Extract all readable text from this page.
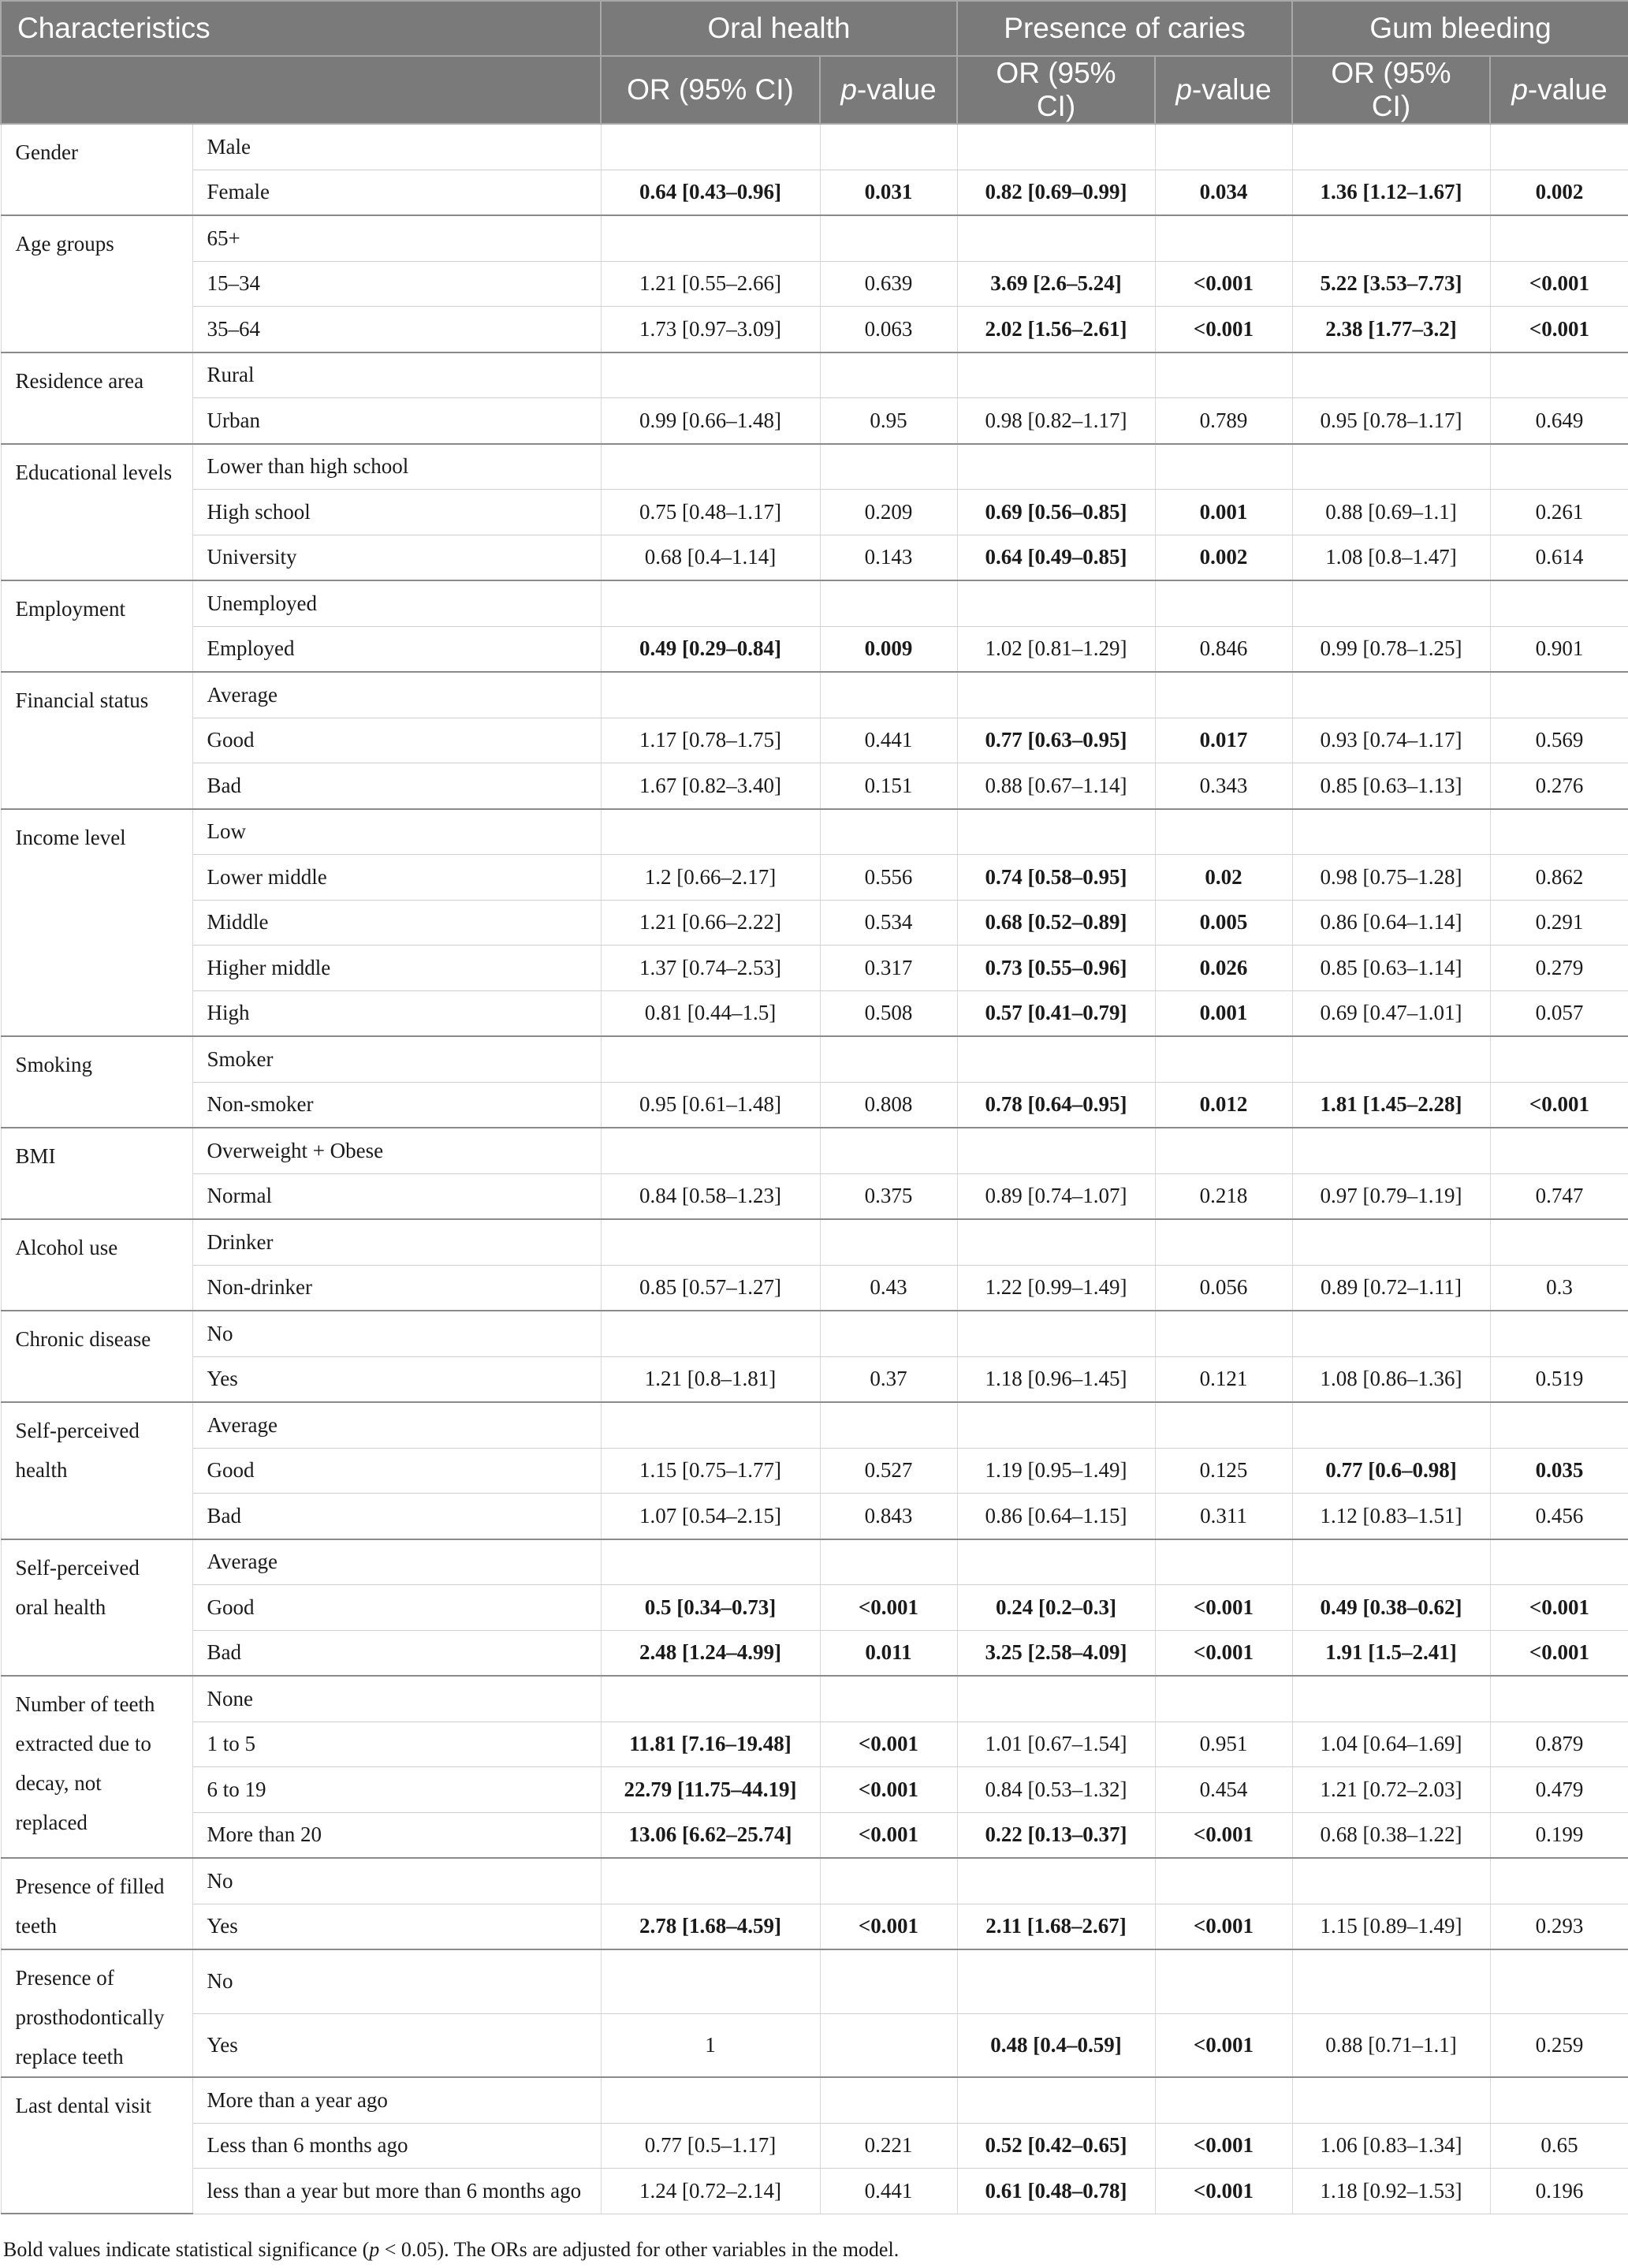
Characteristics		Oral health		Presence of caries		Gum bleeding	
		OR (95% CI)	p-value	OR (95% CI)	p-value	OR (95% CI)	p-value
Gender	Male						
	Female	0.64 [0.43–0.96]	0.031	0.82 [0.69–0.99]	0.034	1.36 [1.12–1.67]	0.002
Age groups	65+						
	15–34	1.21 [0.55–2.66]	0.639	3.69 [2.6–5.24]	<0.001	5.22 [3.53–7.73]	<0.001
	35–64	1.73 [0.97–3.09]	0.063	2.02 [1.56–2.61]	<0.001	2.38 [1.77–3.2]	<0.001
Residence area	Rural						
	Urban	0.99 [0.66–1.48]	0.95	0.98 [0.82–1.17]	0.789	0.95 [0.78–1.17]	0.649
Educational levels	Lower than high school						
	High school	0.75 [0.48–1.17]	0.209	0.69 [0.56–0.85]	0.001	0.88 [0.69–1.1]	0.261
	University	0.68 [0.4–1.14]	0.143	0.64 [0.49–0.85]	0.002	1.08 [0.8–1.47]	0.614
Employment	Unemployed						
	Employed	0.49 [0.29–0.84]	0.009	1.02 [0.81–1.29]	0.846	0.99 [0.78–1.25]	0.901
Financial status	Average						
	Good	1.17 [0.78–1.75]	0.441	0.77 [0.63–0.95]	0.017	0.93 [0.74–1.17]	0.569
	Bad	1.67 [0.82–3.40]	0.151	0.88 [0.67–1.14]	0.343	0.85 [0.63–1.13]	0.276
Income level	Low						
	Lower middle	1.2 [0.66–2.17]	0.556	0.74 [0.58–0.95]	0.02	0.98 [0.75–1.28]	0.862
	Middle	1.21 [0.66–2.22]	0.534	0.68 [0.52–0.89]	0.005	0.86 [0.64–1.14]	0.291
	Higher middle	1.37 [0.74–2.53]	0.317	0.73 [0.55–0.96]	0.026	0.85 [0.63–1.14]	0.279
	High	0.81 [0.44–1.5]	0.508	0.57 [0.41–0.79]	0.001	0.69 [0.47–1.01]	0.057
Smoking	Smoker						
	Non-smoker	0.95 [0.61–1.48]	0.808	0.78 [0.64–0.95]	0.012	1.81 [1.45–2.28]	<0.001
BMI	Overweight + Obese						
	Normal	0.84 [0.58–1.23]	0.375	0.89 [0.74–1.07]	0.218	0.97 [0.79–1.19]	0.747
Alcohol use	Drinker						
	Non-drinker	0.85 [0.57–1.27]	0.43	1.22 [0.99–1.49]	0.056	0.89 [0.72–1.11]	0.3
Chronic disease	No						
	Yes	1.21 [0.8–1.81]	0.37	1.18 [0.96–1.45]	0.121	1.08 [0.86–1.36]	0.519
Self-perceived health	Average						
	Good	1.15 [0.75–1.77]	0.527	1.19 [0.95–1.49]	0.125	0.77 [0.6–0.98]	0.035
	Bad	1.07 [0.54–2.15]	0.843	0.86 [0.64–1.15]	0.311	1.12 [0.83–1.51]	0.456
Self-perceived oral health	Average						
	Good	0.5 [0.34–0.73]	<0.001	0.24 [0.2–0.3]	<0.001	0.49 [0.38–0.62]	<0.001
	Bad	2.48 [1.24–4.99]	0.011	3.25 [2.58–4.09]	<0.001	1.91 [1.5–2.41]	<0.001
Number of teeth extracted due to decay, not replaced	None						
	1 to 5	11.81 [7.16–19.48]	<0.001	1.01 [0.67–1.54]	0.951	1.04 [0.64–1.69]	0.879
	6 to 19	22.79 [11.75–44.19]	<0.001	0.84 [0.53–1.32]	0.454	1.21 [0.72–2.03]	0.479
	More than 20	13.06 [6.62–25.74]	<0.001	0.22 [0.13–0.37]	<0.001	0.68 [0.38–1.22]	0.199
Presence of filled teeth	No						
	Yes	2.78 [1.68–4.59]	<0.001	2.11 [1.68–2.67]	<0.001	1.15 [0.89–1.49]	0.293
Presence of prosthodontically replace teeth	No						
	Yes	1		0.48 [0.4–0.59]	<0.001	0.88 [0.71–1.1]	0.259
Last dental visit	More than a year ago						
	Less than 6 months ago	0.77 [0.5–1.17]	0.221	0.52 [0.42–0.65]	<0.001	1.06 [0.83–1.34]	0.65
	less than a year but more than 6 months ago	1.24 [0.72–2.14]	0.441	0.61 [0.48–0.78]	<0.001	1.18 [0.92–1.53]	0.196
Bold values indicate statistical significance (p < 0.05). The ORs are adjusted for other variables in the model.
